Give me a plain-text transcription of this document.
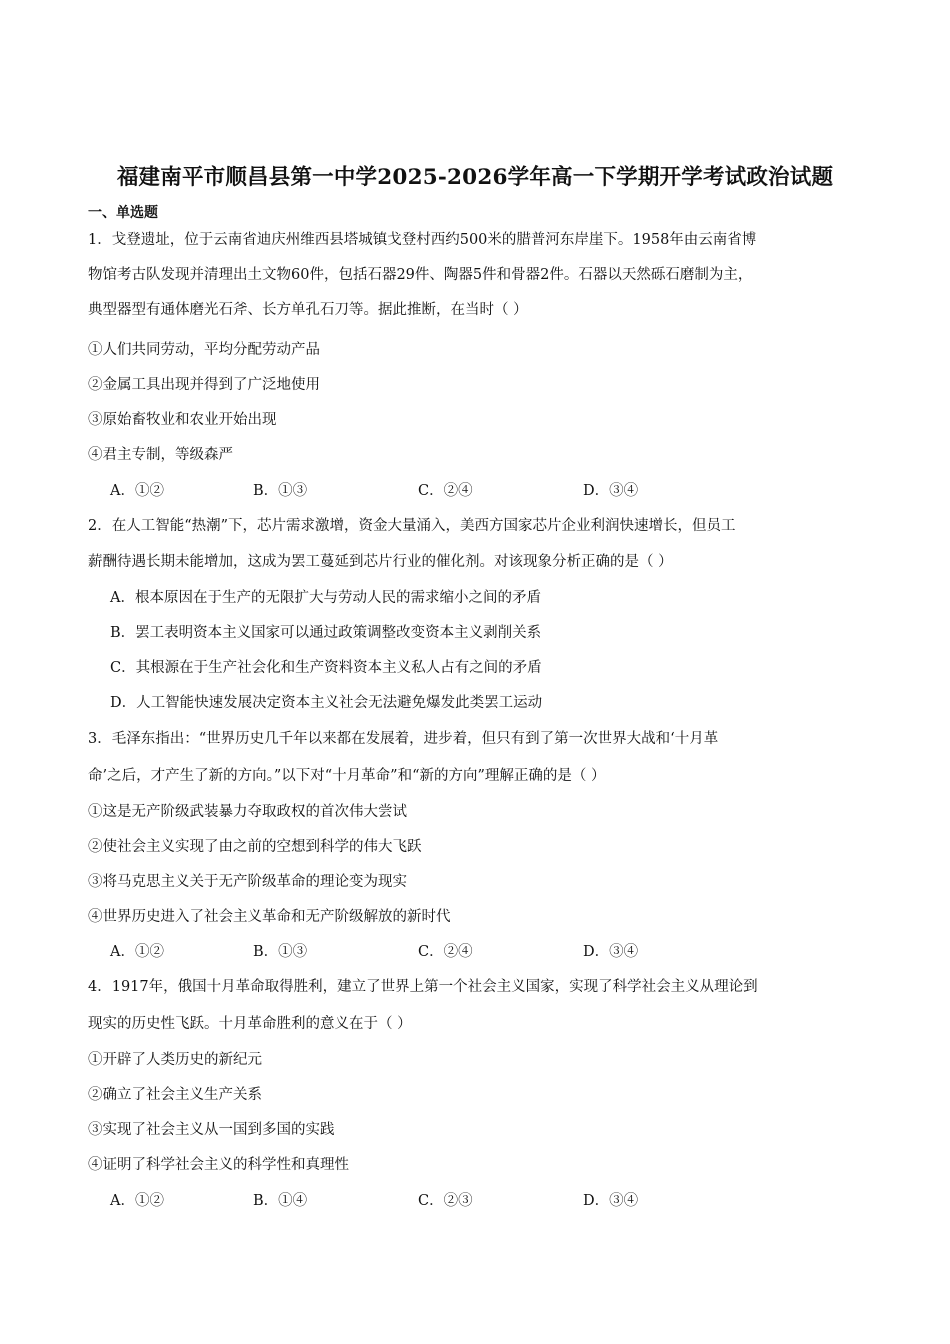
福建南平市顺昌县第一中学2025-2026学年高一下学期开学考试政治试题
一、单选题
1．戈登遗址，位于云南省迪庆州维西县塔城镇戈登村西约500米的腊普河东岸崖下。1958年由云南省博
物馆考古队发现并清理出土文物60件，包括石器29件、陶器5件和骨器2件。石器以天然砾石磨制为主，
典型器型有通体磨光石斧、长方单孔石刀等。据此推断，在当时（ ）
①人们共同劳动，平均分配劳动产品
②金属工具出现并得到了广泛地使用
③原始畜牧业和农业开始出现
④君主专制，等级森严
A．①②	B．①③	C．②④	D．③④
2．在人工智能“热潮”下，芯片需求激增，资金大量涌入，美西方国家芯片企业利润快速增长，但员工
薪酬待遇长期未能增加，这成为罢工蔓延到芯片行业的催化剂。对该现象分析正确的是（ ）
A．根本原因在于生产的无限扩大与劳动人民的需求缩小之间的矛盾
B．罢工表明资本主义国家可以通过政策调整改变资本主义剥削关系
C．其根源在于生产社会化和生产资料资本主义私人占有之间的矛盾
D．人工智能快速发展决定资本主义社会无法避免爆发此类罢工运动
3．毛泽东指出：“世界历史几千年以来都在发展着，进步着，但只有到了第一次世界大战和‘十月革
命’之后，才产生了新的方向。”以下对“十月革命”和“新的方向”理解正确的是（ ）
①这是无产阶级武装暴力夺取政权的首次伟大尝试
②使社会主义实现了由之前的空想到科学的伟大飞跃
③将马克思主义关于无产阶级革命的理论变为现实
④世界历史进入了社会主义革命和无产阶级解放的新时代
A．①②	B．①③	C．②④	D．③④
4．1917年，俄国十月革命取得胜利，建立了世界上第一个社会主义国家，实现了科学社会主义从理论到
现实的历史性飞跃。十月革命胜利的意义在于（ ）
①开辟了人类历史的新纪元
②确立了社会主义生产关系
③实现了社会主义从一国到多国的实践
④证明了科学社会主义的科学性和真理性
A．①②	B．①④	C．②③	D．③④
